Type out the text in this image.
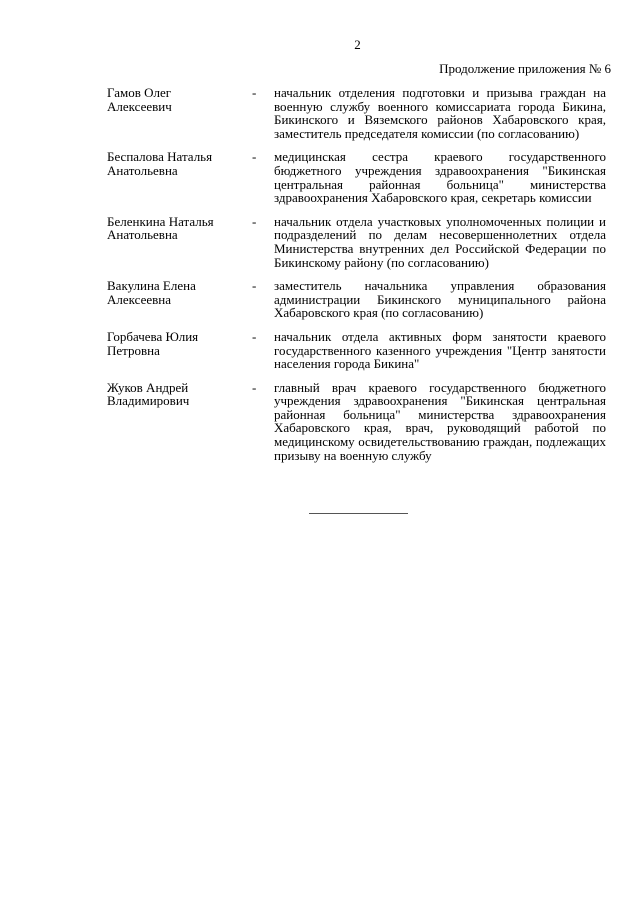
2
Продолжение приложения № 6
Гамов Олег
Алексеевич
-	начальник отделения подготовки и призыва граждан на военную службу военного комиссариата города Бикина, Бикинского и Вяземского районов Хабаровского края, заместитель председателя комиссии (по согласованию)
Беспалова Наталья
Анатольевна
-	медицинская сестра краевого государственного бюджетного учреждения здравоохранения "Бикинская центральная районная больница" министерства здравоохранения Хабаровского края, секретарь комиссии
Беленкина Наталья
Анатольевна
-	начальник отдела участковых уполномоченных полиции и подразделений по делам несовершеннолетних отдела Министерства внутренних дел Российской Федерации по Бикинскому району (по согласованию)
Вакулина Елена
Алексеевна
-	заместитель начальника управления образования администрации Бикинского муниципального района Хабаровского края (по согласованию)
Горбачева Юлия
Петровна
-	начальник отдела активных форм занятости краевого государственного казенного учреждения "Центр занятости населения города Бикина"
Жуков Андрей
Владимирович
-	главный врач краевого государственного бюджетного учреждения здравоохранения "Бикинская центральная районная больница" министерства здравоохранения Хабаровского края, врач, руководящий работой по медицинскому освидетельствованию граждан, подлежащих призыву на военную службу
